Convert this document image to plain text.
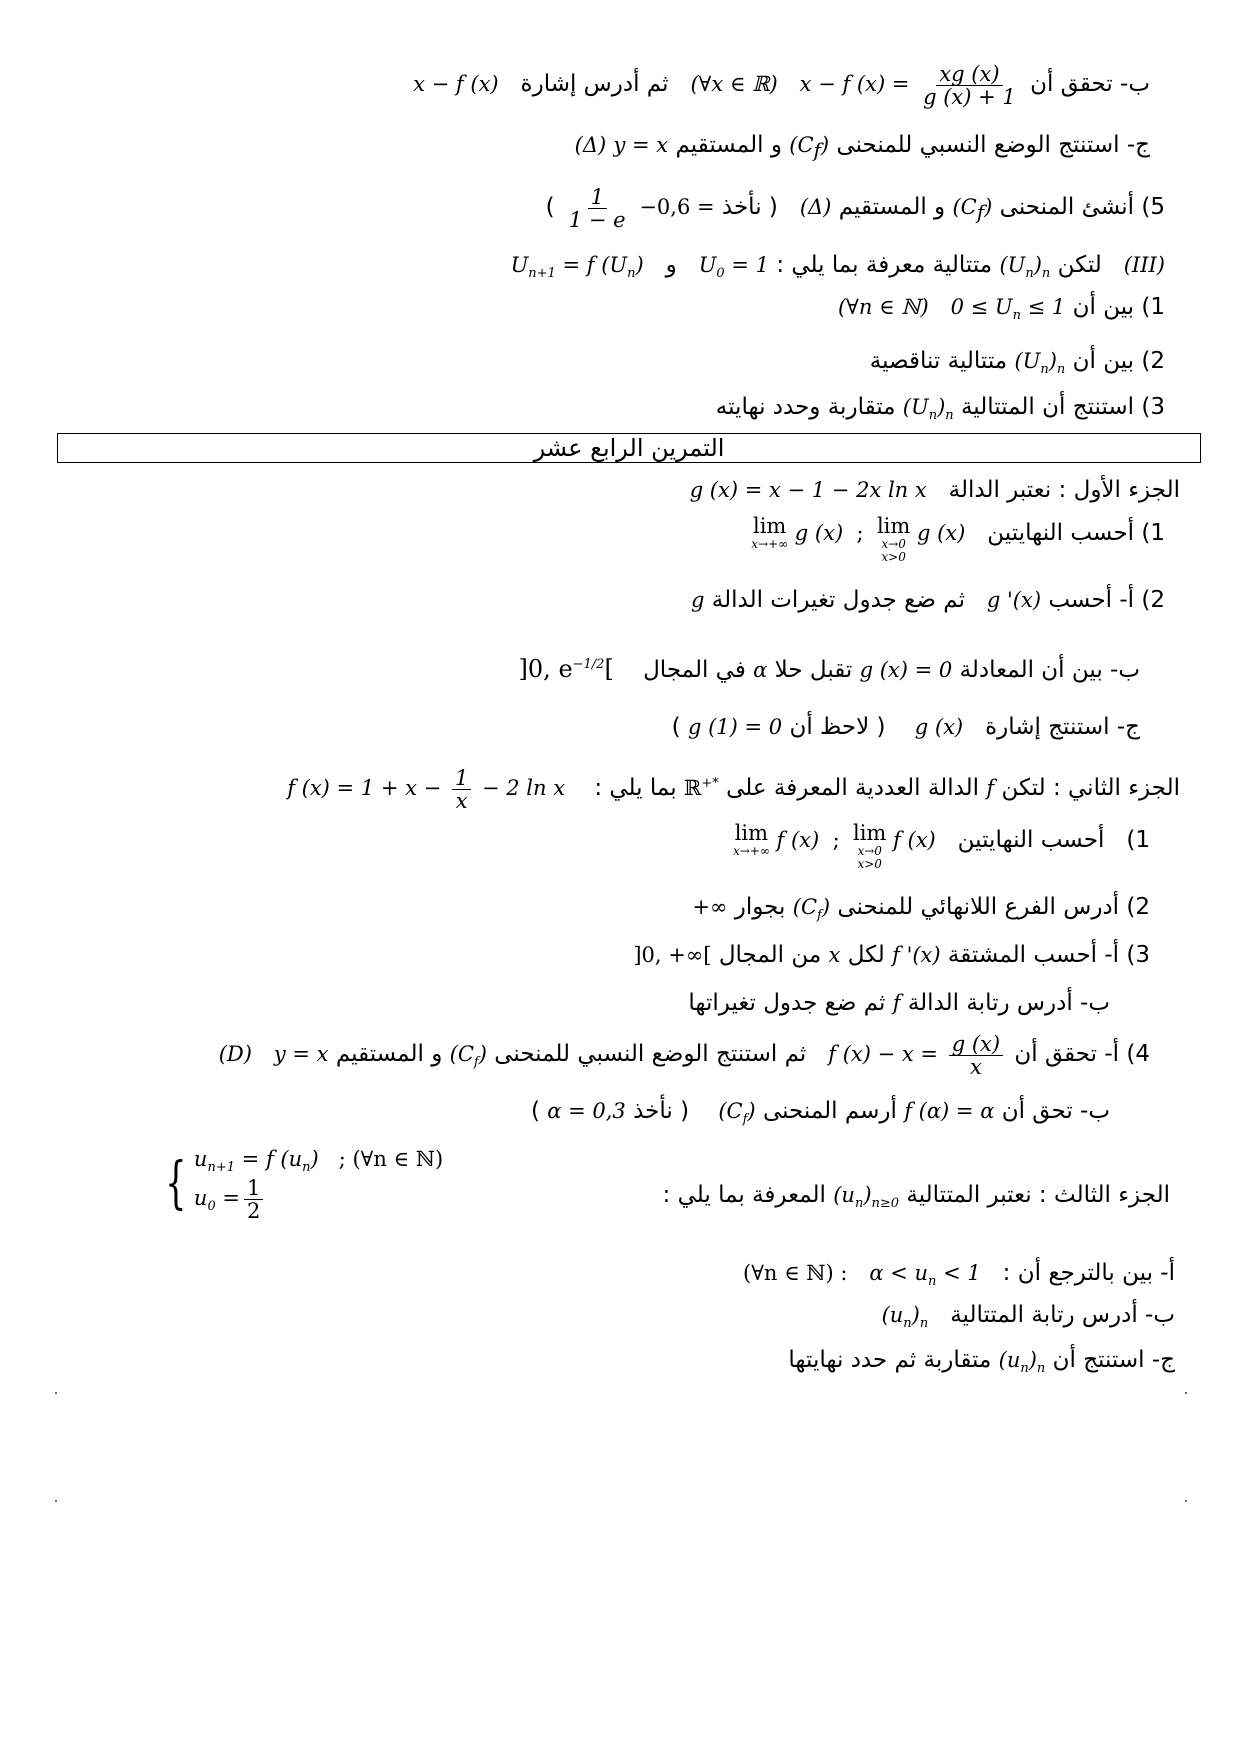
ب- تحقق أن x − f $(x) = \frac{xg (x)}{g (x) + 1}$
(∀x ∈ ℝ)   ثم أدرس إشارة   x − f (x)
ج- استنتج الوضع النسبي للمنحنى $(C_f)$ و المستقيم y = x (Δ)
5) أنشئ المنحنى $(C_f)$ و المستقيم (Δ)   ( نأخذ
$\frac{1}{1 - e} -0,6$ = )
(III)   لتكن $(U_n)_n$ متتالية معرفة بما يلي : $U_0 = 1$   و   $U_{n+1} = f$ $(U_n)$
1) بين أن $0 \le U_n \le 1$   (∀n ∈ ℕ)
2) بين أن $(U_n)_n$ متتالية تناقصية
3) استنتج أن المتتالية $(U_n)_n$ متقاربة وحدد نهايته
التمرين الرابع عشر
الجزء الأول : نعتبر الدالة   g (x) = x − 1 − 2x ln x
1) أحسب النهايتين
lim
x→+∞ g (x) ; lim
x→0
x>0
g (x)
2) أ- أحسب g '(x)   ثم ضع جدول تغيرات الدالة g
ب- بين أن المعادلة g (x) = 0 تقبل حلا α في المجال    ]0, $e^{-1/2}$[
ج- استنتج إشارة   g (x)    ( لاحظ أن g (1) = 0 )
الجزء الثاني : لتكن f الدالة العددية المعرفة على ℝ+* بما يلي :    f $(x) = 1 + x - \frac{1}{x} - 2$ ln x
1)   أحسب النهايتين
lim
x→+∞ f (x) ; lim
x→0
x>0
f (x)
2) أدرس الفرع اللانهائي للمنحنى $(C_f)$ بجوار +∞
3) أ- أحسب المشتقة f '(x) لكل x من المجال ]0, +∞[
ب- أدرس رتابة الدالة f ثم ضع جدول تغيراتها
4) أ- تحقق أن f $(x) - x = \frac{g (x)}{x}$
ثم استنتج الوضع النسبي للمنحنى $(C_f)$ و المستقيم y = x   (D)
ب- تحق أن f (α) = α أرسم المنحنى $(C_f)$    ( نأخذ α = 0,3 )
الجزء الثالث : نعتبر المتتالية $(u_n)_{n\ge 0}$ المعرفة بما يلي :
{ $u_{n+1} = f$ $(u_n)$ ; (∀n ∈ ℕ)
$u_0 = \frac{1}{2}$
أ- بين بالترجع أن :   $\alpha < u_n < 1$   (∀n ∈ ℕ) :
ب- أدرس رتابة المتتالية   $(u_n)_n$
ج- استنتج أن $(u_n)_n$ متقاربة ثم حدد نهايتها
